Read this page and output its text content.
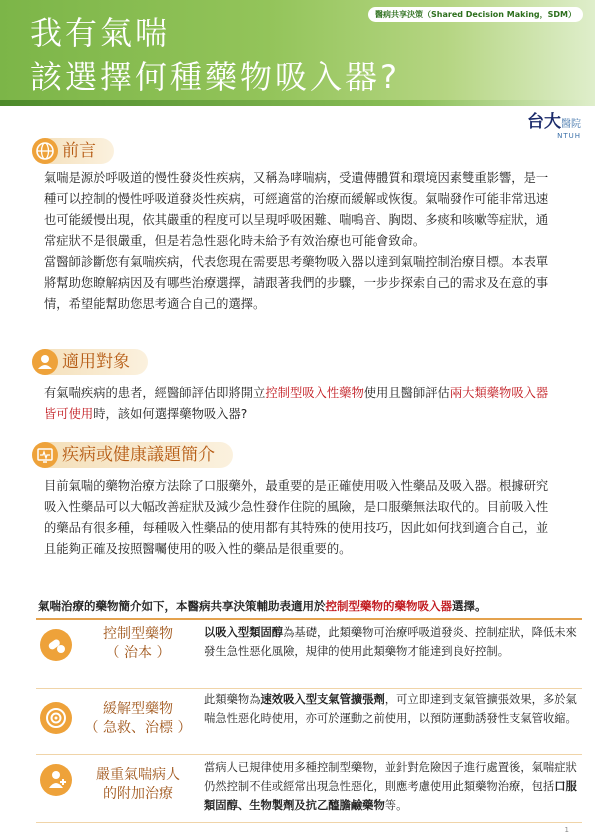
我有氣喘
該選擇何種藥物吸入器?
醫病共享決策（Shared Decision Making，SDM）
台大醫院
NTUH
前言

氣喘是源於呼吸道的慢性發炎性疾病，又稱為哮喘病，受遺傳體質和環境因素雙重影響，是一種可以控制的慢性呼吸道發炎性疾病，可經適當的治療而緩解或恢復。氣喘發作可能非常迅速也可能緩慢出現，依其嚴重的程度可以呈現呼吸困難、喘鳴音、胸悶、多痰和咳嗽等症狀，通常症狀不是很嚴重，但是若急性惡化時未給予有效治療也可能會致命。

當醫師診斷您有氣喘疾病，代表您現在需要思考藥物吸入器以達到氣喘控制治療目標。本表單將幫助您瞭解病因及有哪些治療選擇，請跟著我們的步驟，一步步探索自己的需求及在意的事情，希望能幫助您思考適合自己的選擇。

適用對象

有氣喘疾病的患者，經醫師評估即將開立控制型吸入性藥物使用且醫師評估兩大類藥物吸入器皆可使用時，該如何選擇藥物吸入器?

疾病或健康議題簡介

目前氣喘的藥物治療方法除了口服藥外，最重要的是正確使用吸入性藥品及吸入器。根據研究吸入性藥品可以大幅改善症狀及減少急性發作住院的風險，是口服藥無法取代的。目前吸入性的藥品有很多種，每種吸入性藥品的使用都有其特殊的使用技巧，因此如何找到適合自己，並且能夠正確及按照醫囑使用的吸入性的藥品是很重要的。

氣喘治療的藥物簡介如下，本醫病共享決策輔助表適用於控制型藥物的藥物吸入器選擇。
控制型藥物
（ 治本 ）
以吸入型類固醇為基礎，此類藥物可治療呼吸道發炎、控制症狀，降低未來發生急性惡化風險，規律的使用此類藥物才能達到良好控制。
緩解型藥物
（ 急救、治標 ）
此類藥物為速效吸入型支氣管擴張劑，可立即達到支氣管擴張效果，多於氣喘急性惡化時使用，亦可於運動之前使用，以預防運動誘發性支氣管收縮。
嚴重氣喘病人
的附加治療
當病人已規律使用多種控制型藥物，並針對危險因子進行處置後，氣喘症狀仍然控制不佳或經常出現急性惡化，則應考慮使用此類藥物治療，包括口服類固醇、生物製劑及抗乙醯膽鹼藥物等。
1
